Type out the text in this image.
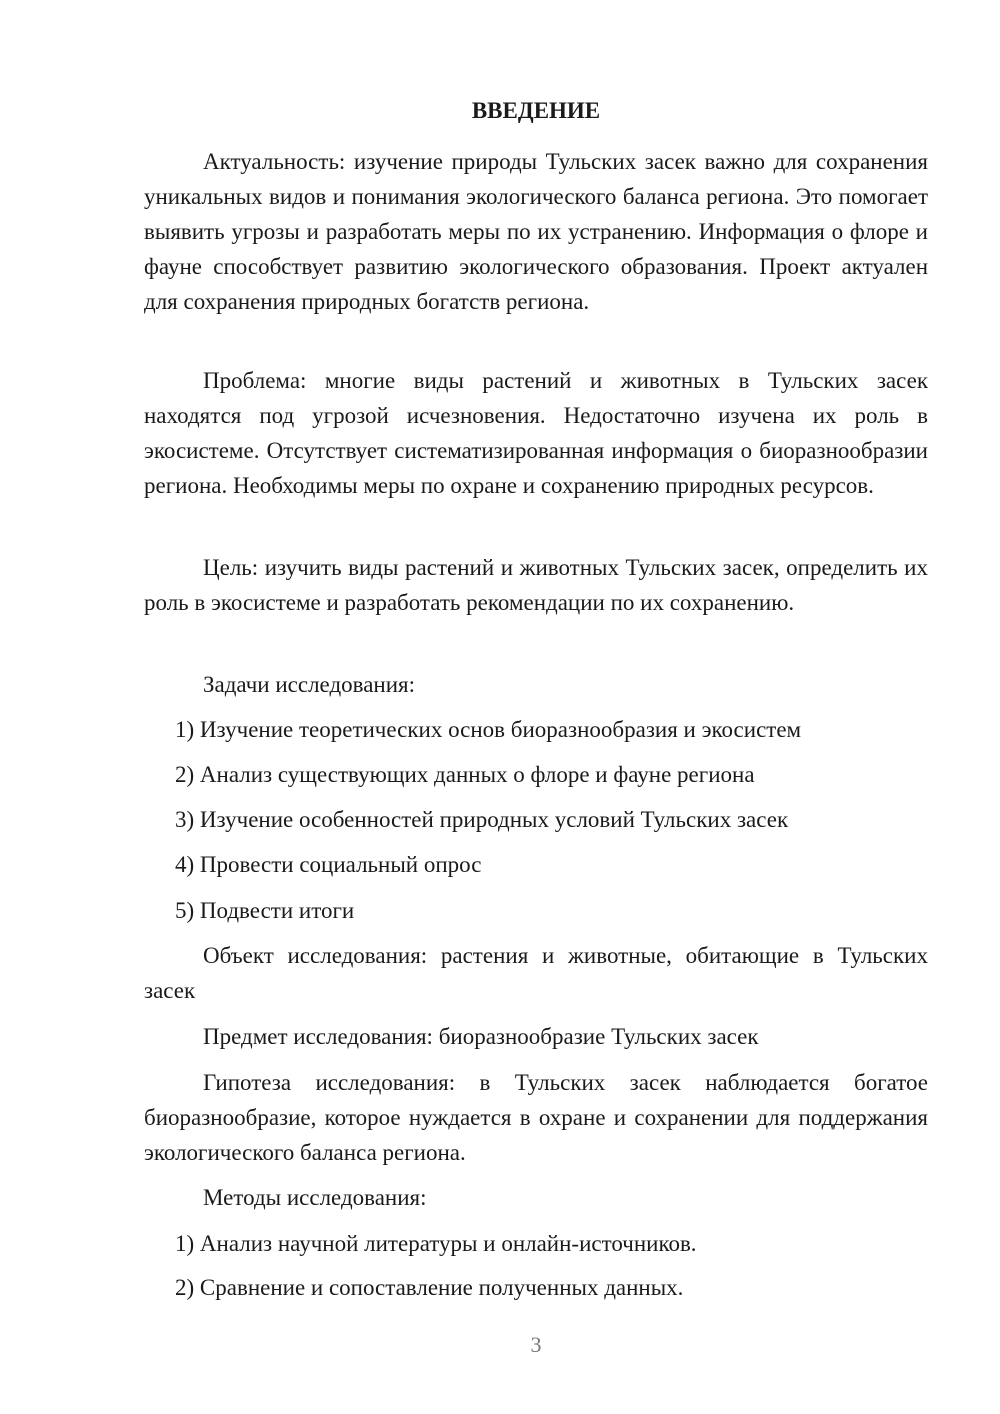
ВВЕДЕНИЕ

Актуальность: изучение природы Тульских засек важно для сохранения уникальных видов и понимания экологического баланса региона. Это помогает выявить угрозы и разработать меры по их устранению. Информация о флоре и фауне способствует развитию экологического образования. Проект актуален для сохранения природных богатств региона.

Проблема: многие виды растений и животных в Тульских засек находятся под угрозой исчезновения. Недостаточно изучена их роль в экосистеме. Отсутствует систематизированная информация о биоразнообразии региона. Необходимы меры по охране и сохранению природных ресурсов.

Цель: изучить виды растений и животных Тульских засек, определить их роль в экосистеме и разработать рекомендации по их сохранению.

Задачи исследования:

1) Изучение теоретических основ биоразнообразия и экосистем

2) Анализ существующих данных о флоре и фауне региона

3) Изучение особенностей природных условий Тульских засек

4) Провести социальный опрос

5) Подвести итоги

Объект исследования: растения и животные, обитающие в Тульских засек

Предмет исследования: биоразнообразие Тульских засек

Гипотеза исследования: в Тульских засек наблюдается богатое биоразнообразие, которое нуждается в охране и сохранении для поддержания экологического баланса региона.

Методы исследования:

1) Анализ научной литературы и онлайн-источников.

2) Сравнение и сопоставление полученных данных.

3
